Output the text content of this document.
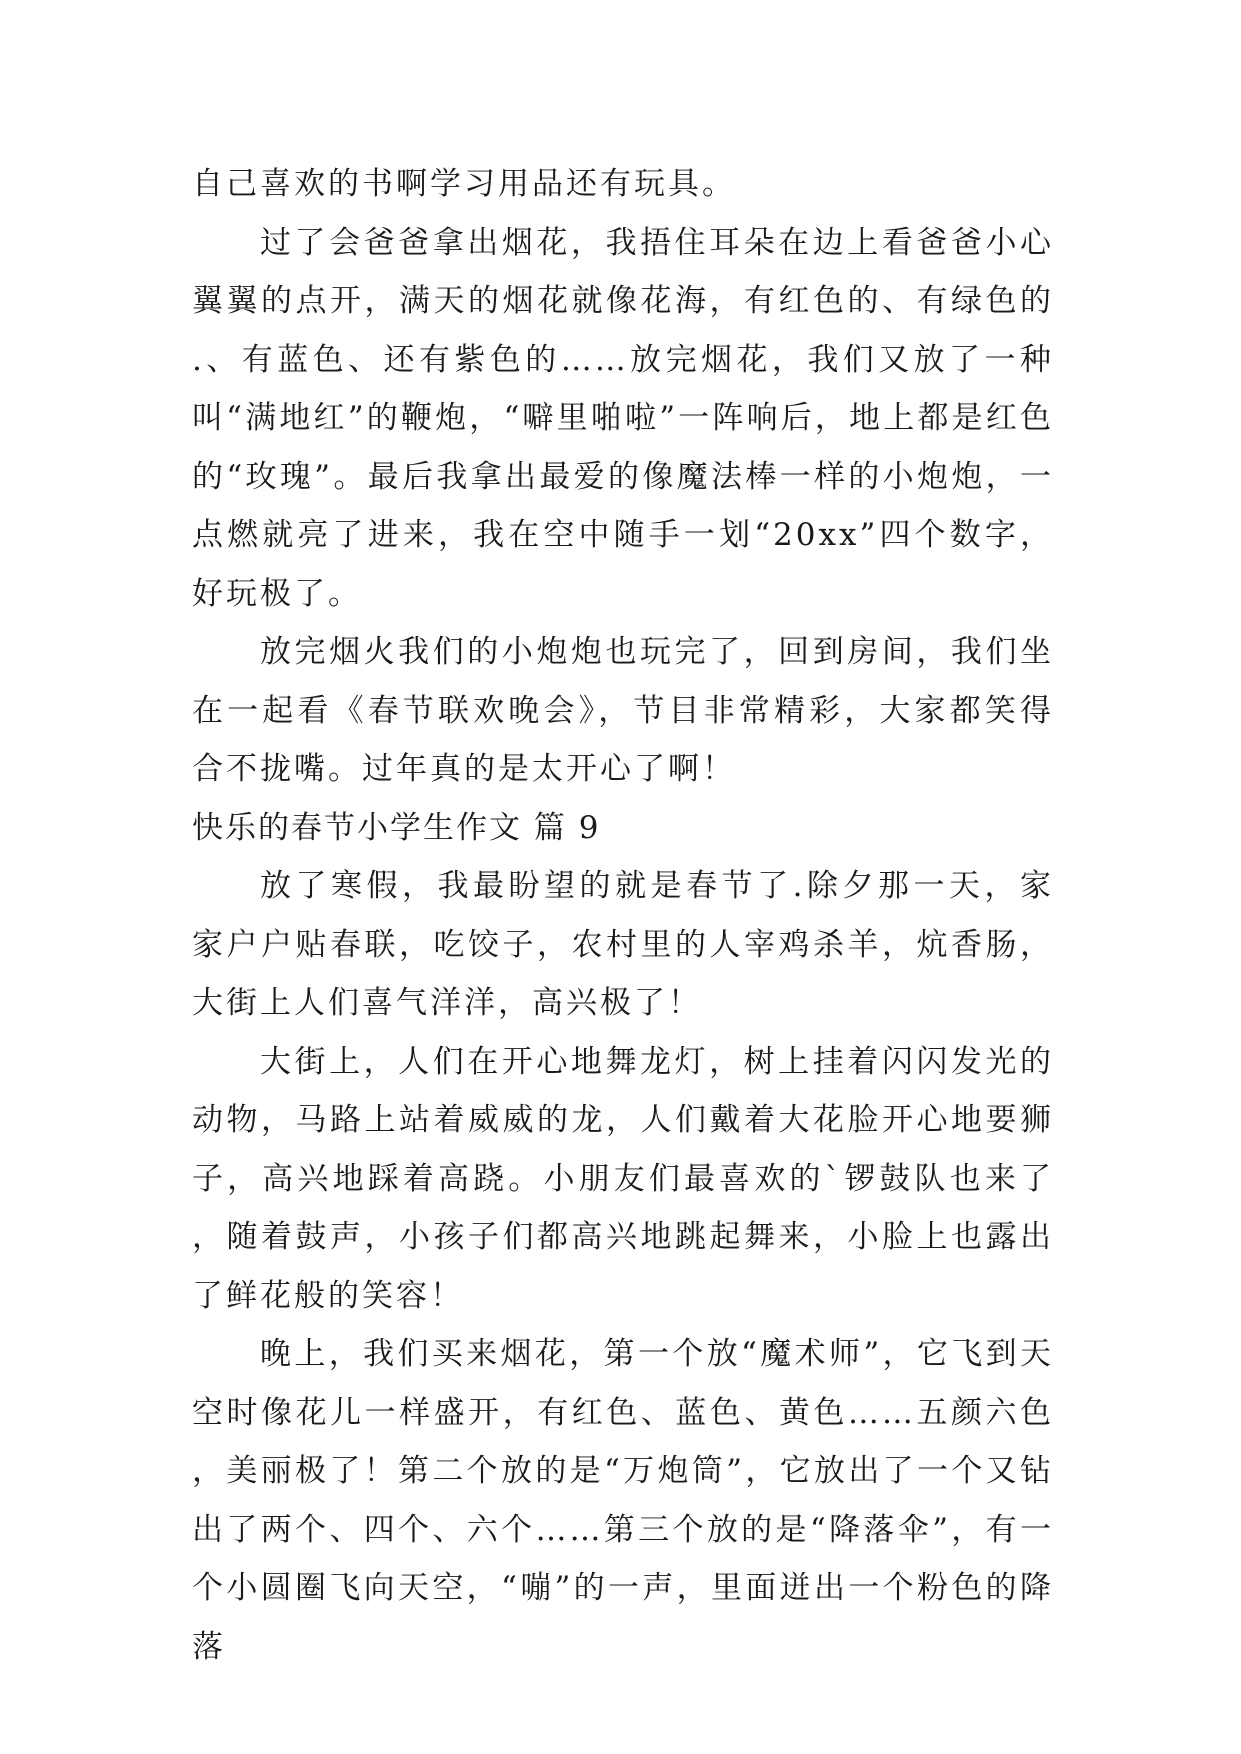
自己喜欢的书啊学习用品还有玩具。

过了会爸爸拿出烟花，我捂住耳朵在边上看爸爸小心翼翼的点开，满天的烟花就像花海，有红色的、有绿色的.、有蓝色、还有紫色的……放完烟花，我们又放了一种叫“满地红”的鞭炮，“噼里啪啦”一阵响后，地上都是红色的“玫瑰”。最后我拿出最爱的像魔法棒一样的小炮炮，一点燃就亮了进来，我在空中随手一划“20xx”四个数字，好玩极了。

放完烟火我们的小炮炮也玩完了，回到房间，我们坐在一起看《春节联欢晚会》，节目非常精彩，大家都笑得合不拢嘴。过年真的是太开心了啊！

快乐的春节小学生作文 篇 9

放了寒假，我最盼望的就是春节了.除夕那一天，家家户户贴春联，吃饺子，农村里的人宰鸡杀羊，炕香肠，大街上人们喜气洋洋，高兴极了！

大街上，人们在开心地舞龙灯，树上挂着闪闪发光的动物，马路上站着威威的龙，人们戴着大花脸开心地要狮子，高兴地踩着高跷。小朋友们最喜欢的`锣鼓队也来了，随着鼓声，小孩子们都高兴地跳起舞来，小脸上也露出了鲜花般的笑容！

晚上，我们买来烟花，第一个放“魔术师”，它飞到天空时像花儿一样盛开，有红色、蓝色、黄色……五颜六色，美丽极了！第二个放的是“万炮筒”，它放出了一个又钻出了两个、四个、六个……第三个放的是“降落伞”，有一个小圆圈飞向天空，“嘣”的一声，里面迸出一个粉色的降落
